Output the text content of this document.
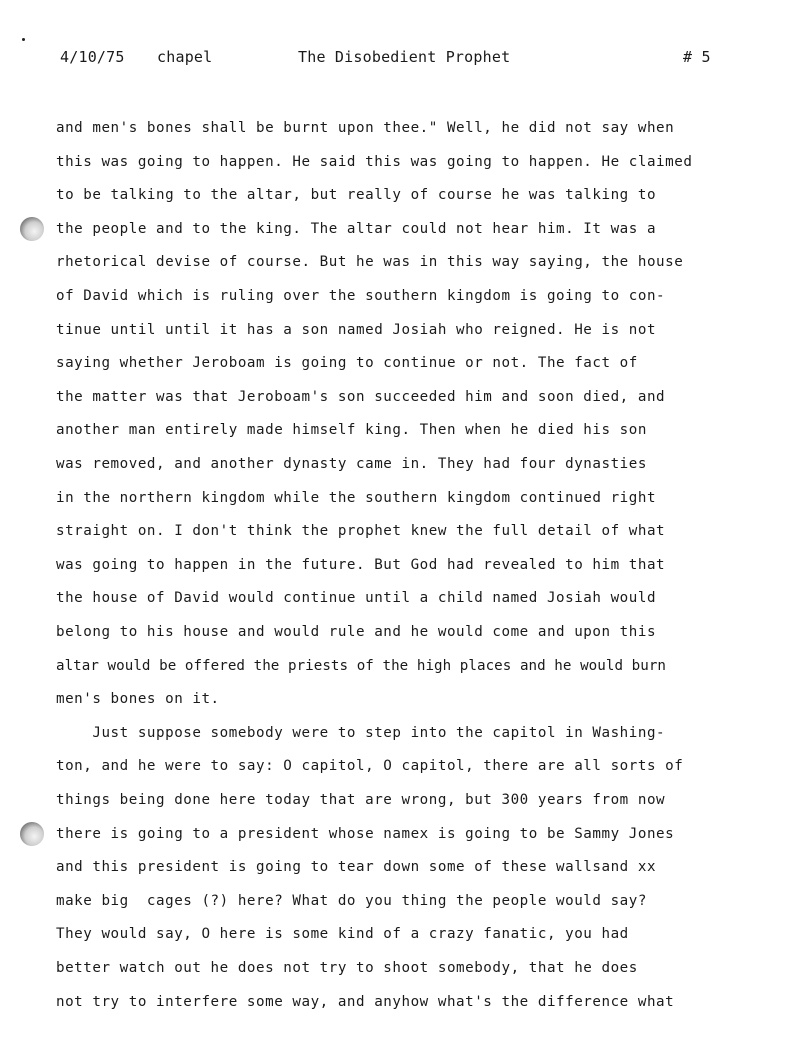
4/10/75 chapel	The Disobedient Prophet	# 5
and men's bones shall be burnt upon thee." Well, he did not say when
this was going to happen. He said this was going to happen. He claimed
to be talking to the altar, but really of course he was talking to
the people and to the king. The altar could not hear him. It was a
rhetorical devise of course. But he was in this way saying, the house
of David which is ruling over the southern kingdom is going to con-
tinue until until it has a son named Josiah who reigned. He is not
saying whether Jeroboam is going to continue or not. The fact of
the matter was that Jeroboam's son succeeded him and soon died, and
another man entirely made himself king. Then when he died his son
was removed, and another dynasty came in. They had four dynasties
in the northern kingdom while the southern kingdom continued right
straight on. I don't think the prophet knew the full detail of what
was going to happen in the future. But God had revealed to him that
the house of David would continue until a child named Josiah would
belong to his house and would rule and he would come and upon this
altar would be offered the priests of the high places and he would burn
men's bones on it.
Just suppose somebody were to step into the capitol in Washing-
ton, and he were to say: O capitol, O capitol, there are all sorts of
things being done here today that are wrong, but 300 years from now
there is going to a president whose namex is going to be Sammy Jones
and this president is going to tear down some of these wallsand xx
make big  cages (?) here? What do you thing the people would say?
They would say, O here is some kind of a crazy fanatic, you had
better watch out he does not try to shoot somebody, that he does
not try to interfere some way, and anyhow what's the difference what
